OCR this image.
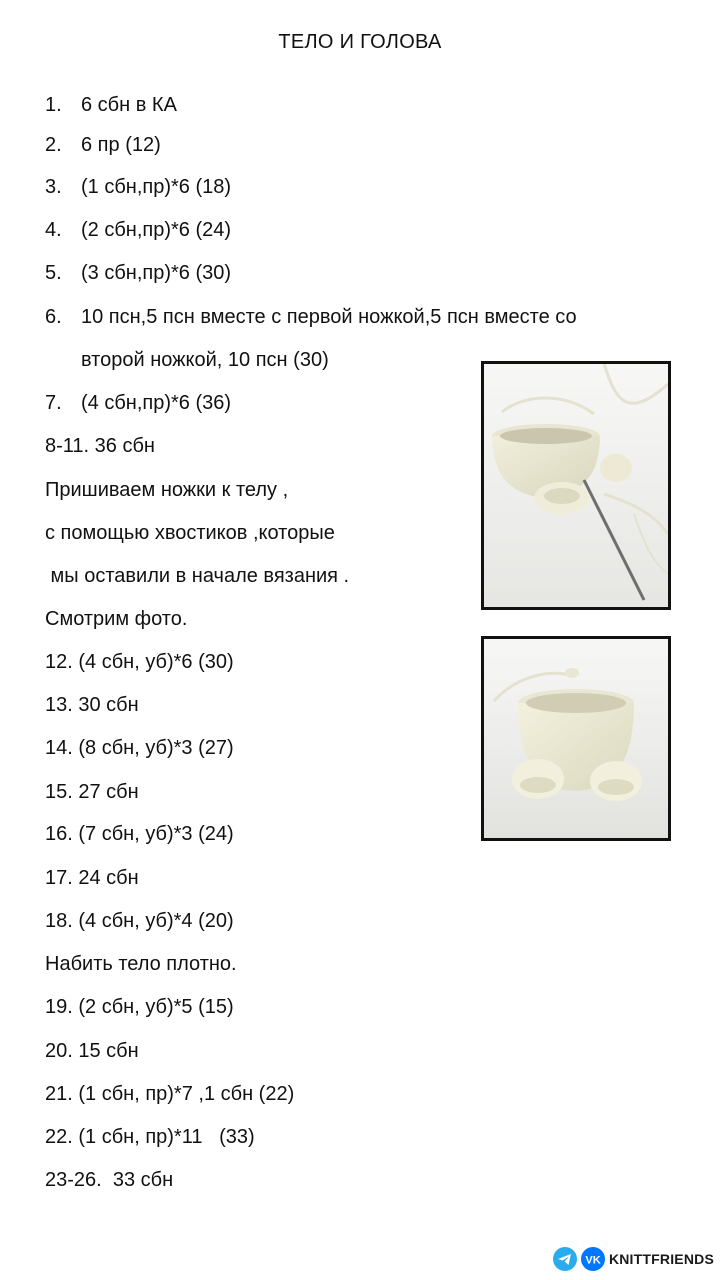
ТЕЛО И ГОЛОВА
1. 6 сбн в КА
2. 6 пр (12)
3. (1 сбн,пр)*6 (18)
4. (2 сбн,пр)*6 (24)
5. (3 сбн,пр)*6 (30)
6. 10 псн,5 псн вместе с первой ножкой,5 псн вместе со
второй ножкой, 10 псн (30)
7. (4 сбн,пр)*6 (36)
8-11. 36 сбн
Пришиваем ножки к телу ,
с помощью хвостиков ,которые
мы оставили в начале вязания .
Смотрим фото.
12. (4 сбн, уб)*6 (30)
13. 30 сбн
14. (8 сбн, уб)*3 (27)
15. 27 сбн
16. (7 сбн, уб)*3 (24)
17. 24 сбн
18. (4 сбн, уб)*4 (20)
Набить тело плотно.
19. (2 сбн, уб)*5 (15)
20. 15 сбн
21. (1 сбн, пр)*7 ,1 сбн (22)
22. (1 сбн, пр)*11   (33)
23-26.  33 сбн
VK KNITTFRIENDS
